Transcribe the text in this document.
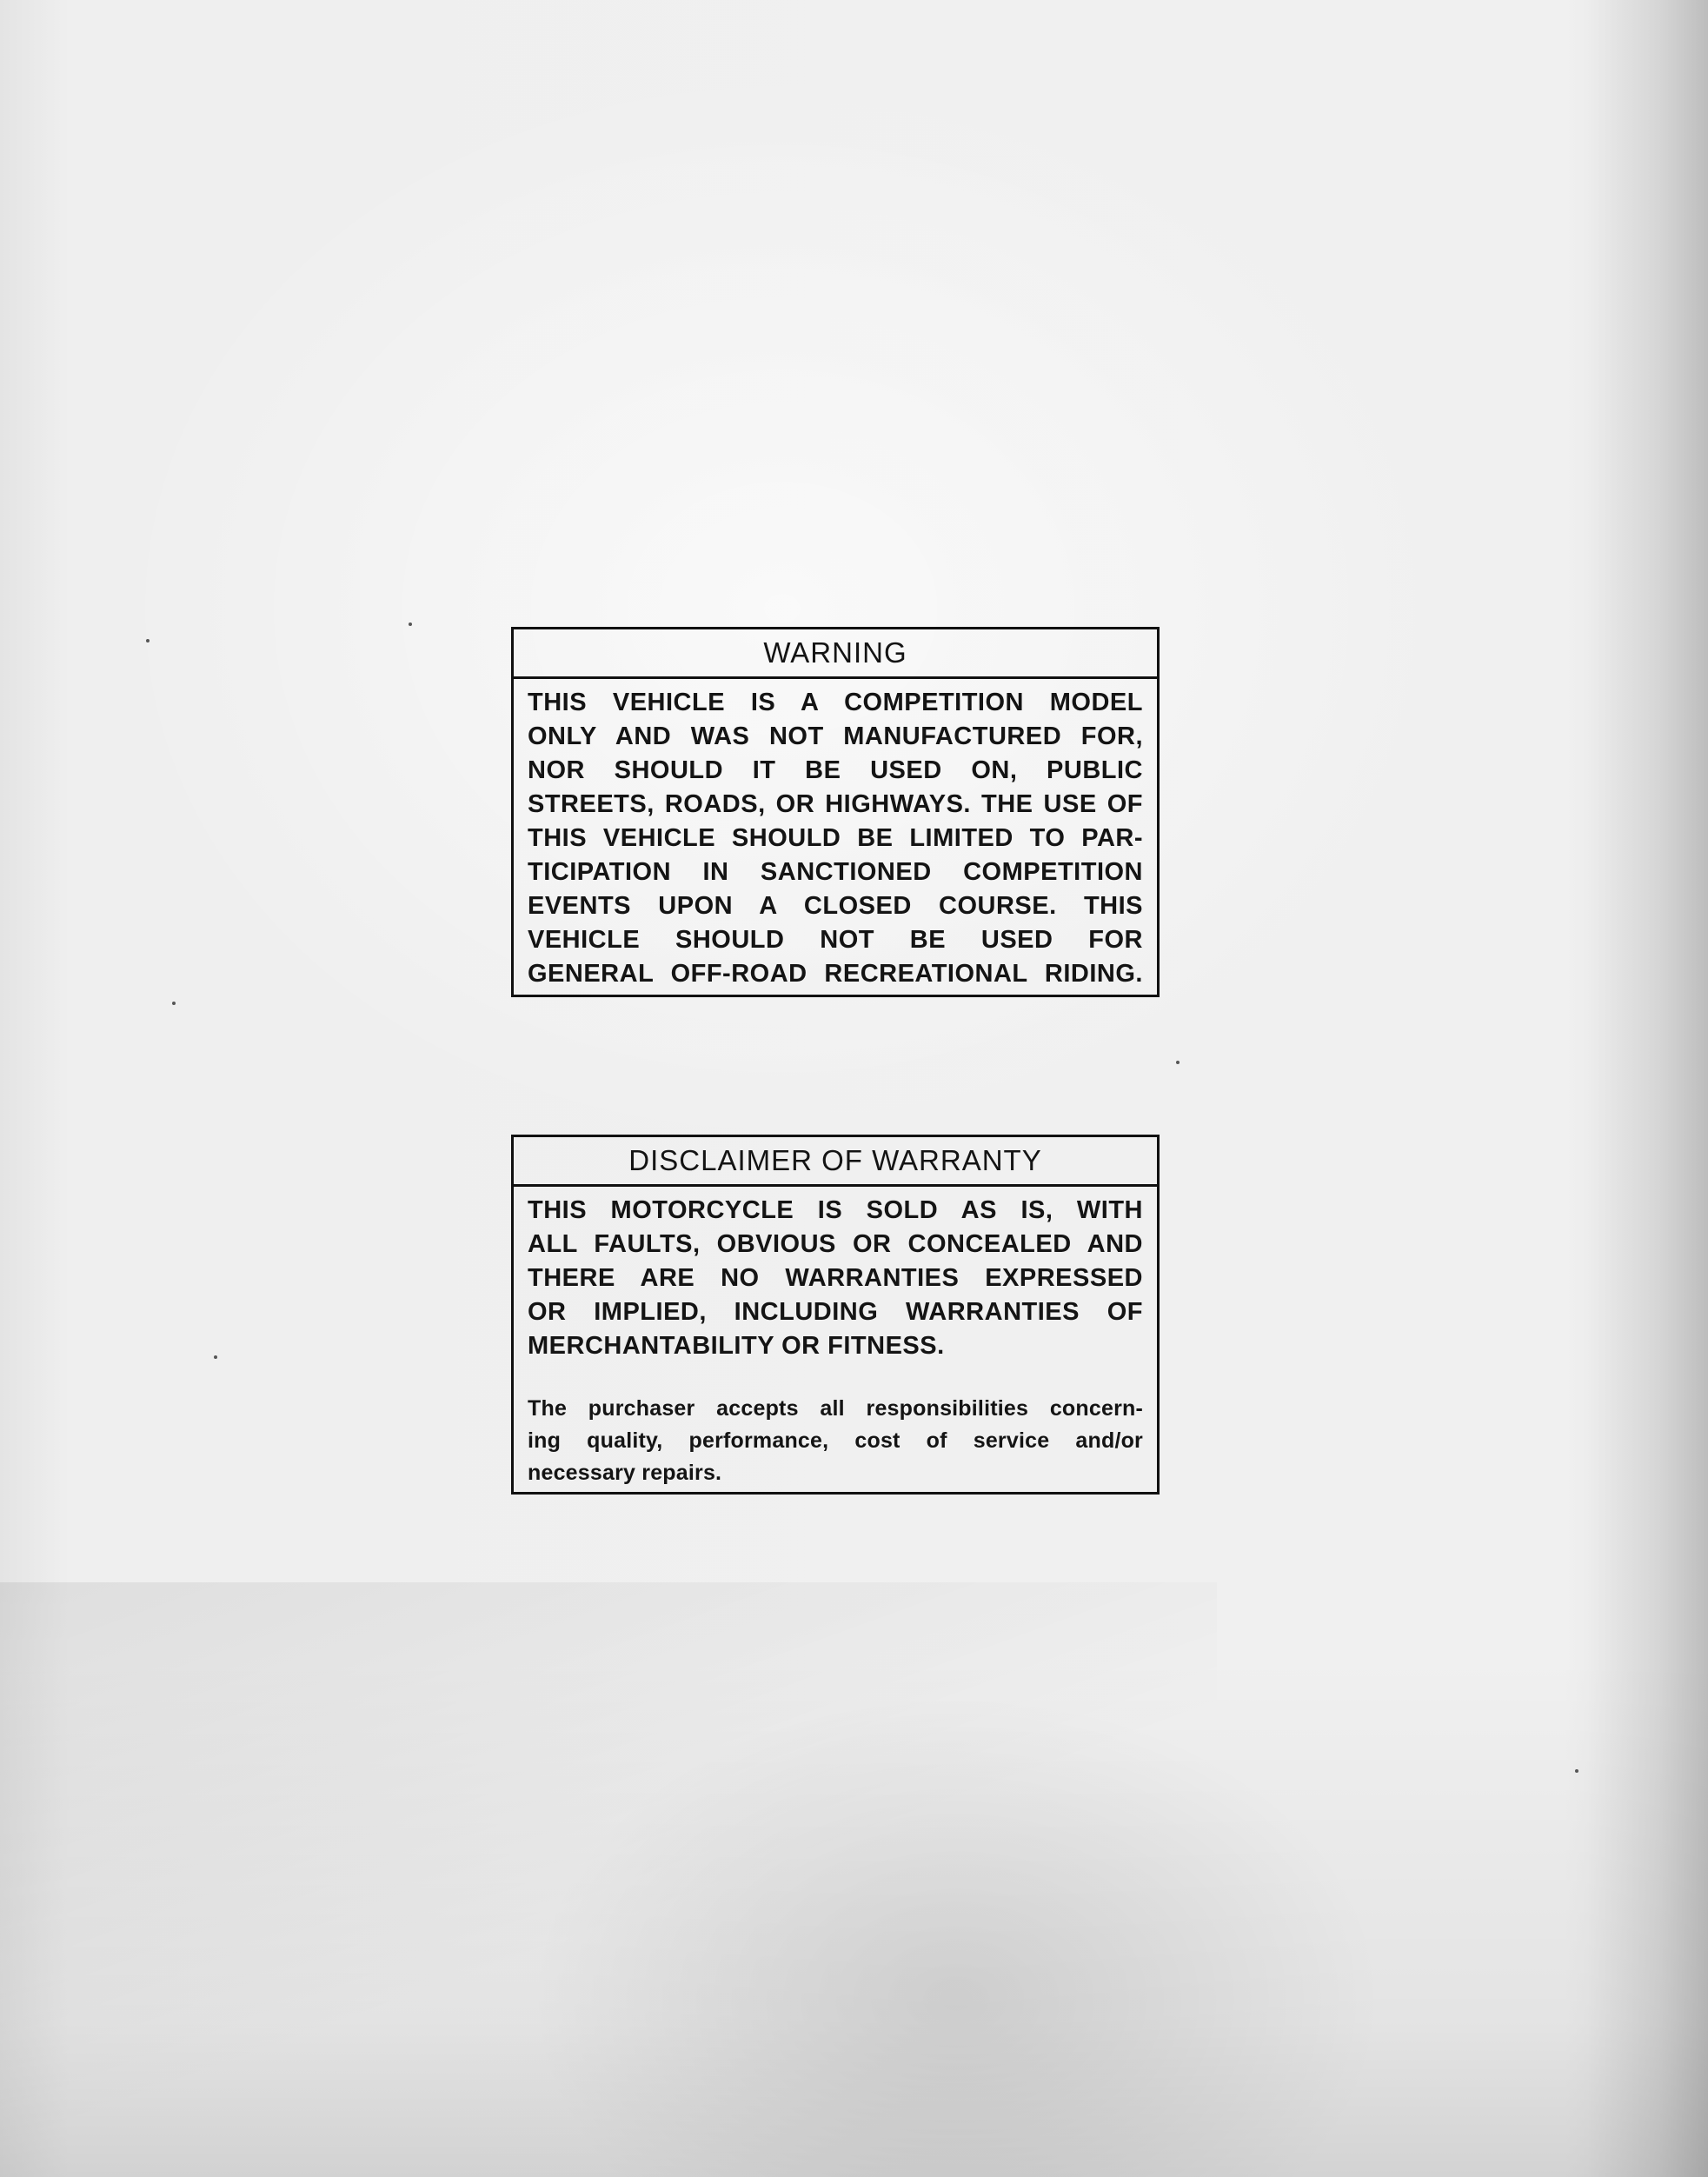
WARNING
THIS VEHICLE IS A COMPETITION MODEL
ONLY AND WAS NOT MANUFACTURED FOR,
NOR SHOULD IT BE USED ON, PUBLIC
STREETS, ROADS, OR HIGHWAYS. THE USE OF
THIS VEHICLE SHOULD BE LIMITED TO PAR-
TICIPATION IN SANCTIONED COMPETITION
EVENTS UPON A CLOSED COURSE. THIS
VEHICLE SHOULD NOT BE USED FOR
GENERAL OFF-ROAD RECREATIONAL RIDING.
DISCLAIMER OF WARRANTY
THIS MOTORCYCLE IS SOLD AS IS, WITH
ALL FAULTS, OBVIOUS OR CONCEALED AND
THERE ARE NO WARRANTIES EXPRESSED
OR IMPLIED, INCLUDING WARRANTIES OF
MERCHANTABILITY OR FITNESS.
The purchaser accepts all responsibilities concern-
ing quality, performance, cost of service and/or
necessary repairs.
